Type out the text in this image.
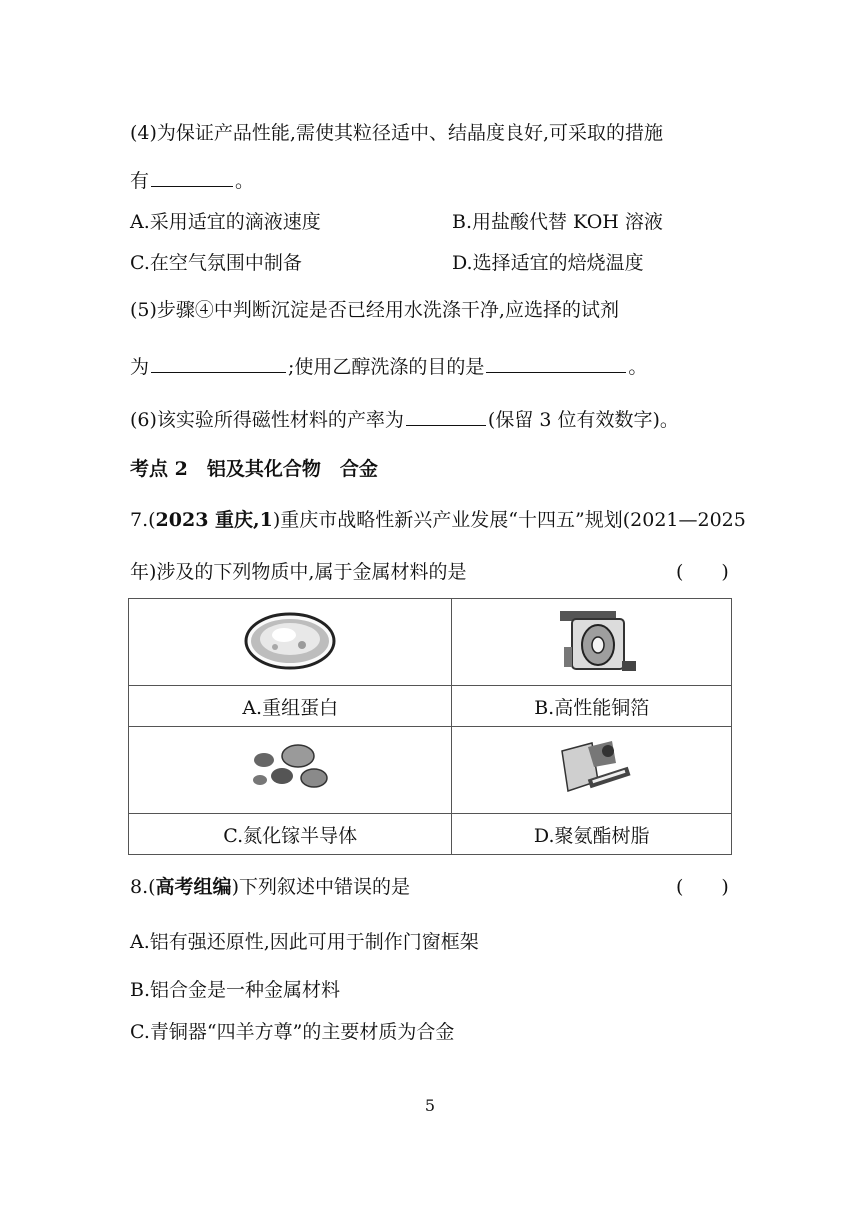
(4)为保证产品性能,需使其粒径适中、结晶度良好,可采取的措施
有	。
A.采用适宜的滴液速度	B.用盐酸代替 KOH 溶液
C.在空气氛围中制备	D.选择适宜的焙烧温度
(5)步骤④中判断沉淀是否已经用水洗涤干净,应选择的试剂
为	;使用乙醇洗涤的目的是	。
(6)该实验所得磁性材料的产率为	(保留 3 位有效数字)。
考点 2　铝及其化合物　合金
7.(2023 重庆,1)重庆市战略性新兴产业发展“十四五”规划(2021—2025
年)涉及的下列物质中,属于金属材料的是	(　　)

A.重组蛋白	B.高性能铜箔

C.氮化镓半导体	D.聚氨酯树脂
8.(高考组编)下列叙述中错误的是	(　　)
A.铝有强还原性,因此可用于制作门窗框架
B.铝合金是一种金属材料
C.青铜器“四羊方尊”的主要材质为合金
5
